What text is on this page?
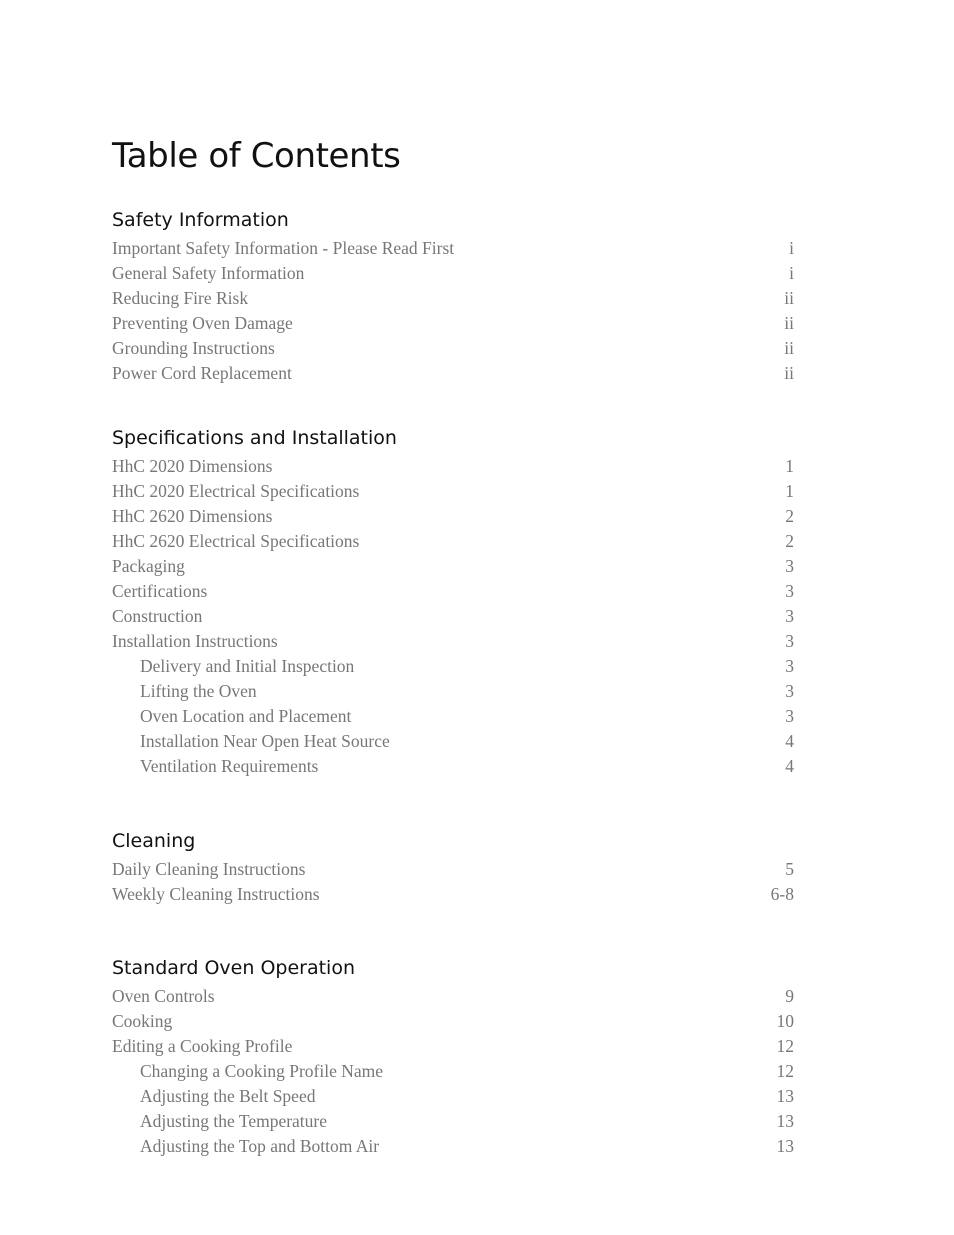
Table of Contents
Safety Information
Important Safety Information - Please Read First	i
General Safety Information	i
Reducing Fire Risk	ii
Preventing Oven Damage	ii
Grounding Instructions	ii
Power Cord Replacement	ii
Specifications and Installation
HhC 2020 Dimensions	1
HhC 2020 Electrical Specifications	1
HhC 2620 Dimensions	2
HhC 2620 Electrical Specifications	2
Packaging	3
Certifications	3
Construction	3
Installation Instructions	3
Delivery and Initial Inspection	3
Lifting the Oven	3
Oven Location and Placement	3
Installation Near Open Heat Source	4
Ventilation Requirements	4
Cleaning
Daily Cleaning Instructions	5
Weekly Cleaning Instructions	6-8
Standard Oven Operation
Oven Controls	9
Cooking	10
Editing a Cooking Profile	12
Changing a Cooking Profile Name	12
Adjusting the Belt Speed	13
Adjusting the Temperature	13
Adjusting the Top and Bottom Air	13
